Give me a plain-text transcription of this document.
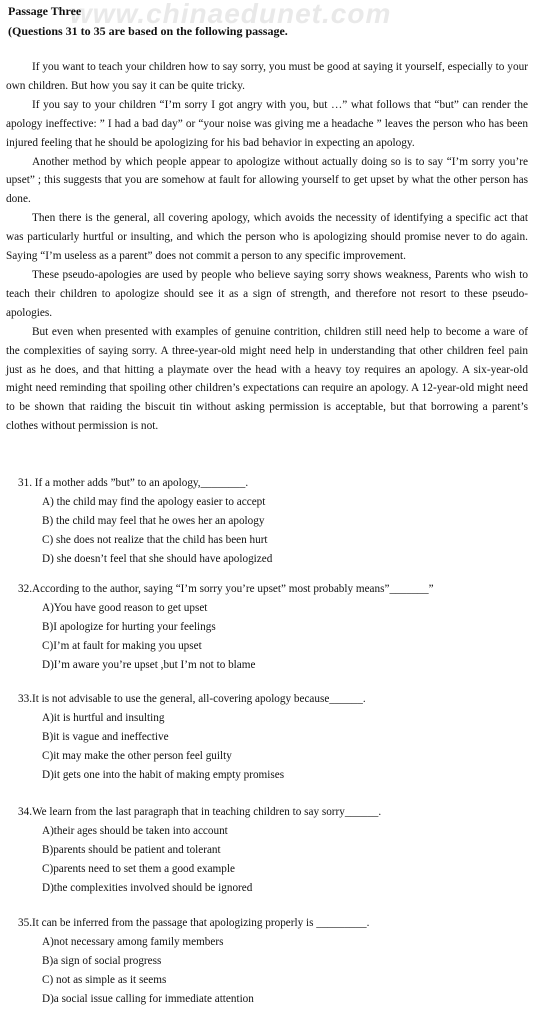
www.chinaedunet.com
Passage Three
(Questions 31 to 35 are based on the following passage.

If you want to teach your children how to say sorry, you must be good at saying it yourself, especially to your own children. But how you say it can be quite tricky.

If you say to your children “I’m sorry I got angry with you, but …” what follows that “but” can render the apology ineffective: ” I had a bad day” or “your noise was giving me a headache ” leaves the person who has been injured feeling that he should be apologizing for his bad behavior in expecting an apology.

Another method by which people appear to apologize without actually doing so is to say “I’m sorry you’re upset” ; this suggests that you are somehow at fault for allowing yourself to get upset by what the other person has done.

Then there is the general, all covering apology, which avoids the necessity of identifying a specific act that was particularly hurtful or insulting, and which the person who is apologizing should promise never to do again. Saying “I’m useless as a parent” does not commit a person to any specific improvement.

These pseudo-apologies are used by people who believe saying sorry shows weakness, Parents who wish to teach their children to apologize should see it as a sign of strength, and therefore not resort to these pseudo-apologies.

But even when presented with examples of genuine contrition, children still need help to become a ware of the complexities of saying sorry. A three-year-old might need help in understanding that other children feel pain just as he does, and that hitting a playmate over the head with a heavy toy requires an apology. A six-year-old might need reminding that spoiling other children’s expectations can require an apology. A 12-year-old might need to be shown that raiding the biscuit tin without asking permission is acceptable, but that borrowing a parent’s clothes without permission is not.

31. If a mother adds ”but” to an apology,________.
A) the child may find the apology easier to accept
B) the child may feel that he owes her an apology
C) she does not realize that the child has been hurt
D) she doesn’t feel that she should have apologized
32.According to the author, saying “I’m sorry you’re upset” most probably means”_______”
A)You have good reason to get upset
B)I apologize for hurting your feelings
C)I’m at fault for making you upset
D)I’m aware you’re upset ,but I’m not to blame
33.It is not advisable to use the general, all-covering apology because______.
A)it is hurtful and insulting
B)it is vague and ineffective
C)it may make the other person feel guilty
D)it gets one into the habit of making empty promises
34.We learn from the last paragraph that in teaching children to say sorry______.
A)their ages should be taken into account
B)parents should be patient and tolerant
C)parents need to set them a good example
D)the complexities involved should be ignored
35.It can be inferred from the passage that apologizing properly is _________.
A)not necessary among family members
B)a sign of social progress
C) not as simple as it seems
D)a social issue calling for immediate attention
